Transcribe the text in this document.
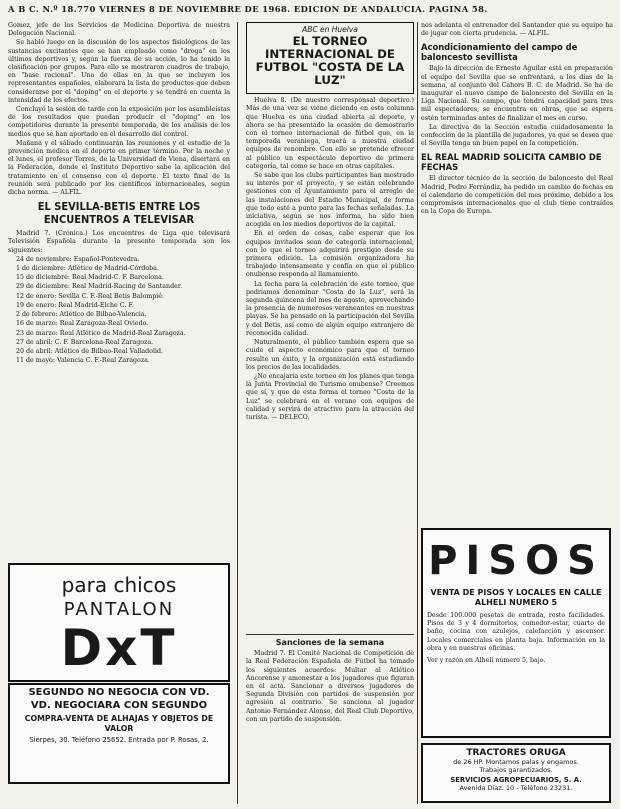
A B C. N.º 18.770 VIERNES 8 DE NOVIEMBRE DE 1968. EDICION DE ANDALUCIA. PAGINA 58.

Gomez, jefe de los Servicios de Medicina Deportiva de nuestra Delegación Nacional.

Se habló luego en la discusión de los aspectos fisiológicos de las sustancias excitantes que se han empleado como "droga" en los últimos deportivos y, según la fuerza de su acción, lo ha tenido la clasificación por grupos. Para ello se mostraron cuadros de trabajo, en "base racional". Una de ellas en la que se incluyen los representantes españoles, elaborará la lista de productos que deben considerarse por el "doping" en el deporte y se tendrá en cuenta la intensidad de los efectos.

Concluyó la sesión de tarde con la exposición por los asambleístas de los resultados que puedan producir el "doping" en los competidores durante la presente temporada, de los análisis de los medios que se han aportado en el desarrollo del control.

Mañana y el sábado continuarán las reuniones y el estudio de la prevención médica en el deporte en primer término. Por la noche y el lunes, el profesor Torres, de la Universidad de Viena, disertará en la Federación, donde el Instituto Deportivo sabe la aplicación del tratamiento en el consenso con el deporte. El texto final de la reunión será publicado por los científicos internacionales, según dicha norma. — ALFIL.

EL SEVILLA-BETIS ENTRE LOS ENCUENTROS A TELEVISAR

Madrid 7. (Crónica.) Los encuentros de Liga que televisará Televisión Española durante la presente temporada son los siguientes:

24 de noviembre: Español-Pontevedra.

1 de diciembre: Atlético de Madrid-Córdoba.

15 de diciembre: Real Madrid-C. F. Barcelona.

29 de diciembre: Real Madrid-Racing de Santander.

12 de enero: Sevilla C. F.-Real Betis Balompié.

19 de enero: Real Madrid-Elche C. F.

2 de febrero: Atlético de Bilbao-Valencia.

16 de marzo: Real Zaragoza-Real Oviedo.

23 de marzo: Real Atlético de Madrid-Real Zaragoza.

27 de abril: C. F. Barcelona-Real Zaragoza.

20 de abril: Atlético de Bilbao-Real Valladolid.

11 de mayo: Valencia C. F.-Real Zaragoza.

para chicos
PANTALON
DxT
SEGUNDO NO NEGOCIA CON VD.
VD. NEGOCIARA CON SEGUNDO
COMPRA-VENTA DE ALHAJAS Y OBJETOS DE VALOR
Sierpes, 30. Teléfono 25652. Entrada por P. Rosas, 2.
ABC en Huelva
EL TORNEO INTERNACIONAL DE FUTBOL "COSTA DE LA LUZ"

Huelva 8. (De nuestro corresponsal deportivo.) Más de una vez se viene diciendo en esta columna que Huelva es una ciudad abierta al deporte, y ahora se ha presentado la ocasión de demostrarlo con el torneo internacional de fútbol que, en la temporada veraniega, traerá a nuestra ciudad equipos de renombre. Con ello se pretende ofrecer al público un espectáculo deportivo de primera categoría, tal como se hace en otras capitales.

Se sabe que los clubs participantes han mostrado su interés por el proyecto, y se están celebrando gestiones con el Ayuntamiento para el arreglo de las instalaciones del Estadio Municipal, de forma que todo esté a punto para las fechas señaladas. La iniciativa, según se nos informa, ha sido bien acogida en los medios deportivos de la capital.

En el orden de cosas, cabe esperar que los equipos invitados sean de categoría internacional, con lo que el torneo adquirirá prestigio desde su primera edición. La comisión organizadora ha trabajado intensamente y confía en que el público onubense responda al llamamiento.

La fecha para la celebración de este torneo, que podríamos denominar "Costa de la Luz", será la segunda quincena del mes de agosto, aprovechando la presencia de numerosos veraneantes en nuestras playas. Se ha pensado en la participación del Sevilla y del Betis, así como de algún equipo extranjero de reconocida calidad.

Naturalmente, el público también espera que se cuide el aspecto económico para que el torneo resulte un éxito, y la organización está estudiando los precios de las localidades.

¿No encajaría este torneo en los planes que tenga la Junta Provincial de Turismo onubense? Creemos que sí, y que de esta forma el torneo "Costa de la Luz" se celebrará en el verano con equipos de calidad y servirá de atractivo para la atracción del turista. — DELECO.

Sanciones de la semana

Madrid 7. El Comité Nacional de Competición de la Real Federación Española de Fútbol ha tomado los siguientes acuerdos: Multar al Atlético Ancorense y amonestar a los jugadores que figuran en el acta. Sancionar a diversos jugadores de Segunda División con partidos de suspensión por agresión al contrario. Se sanciona al jugador Antonio Fernández Alonso, del Real Club Deportivo, con un partido de suspensión.

nos adelanta el entrenador del Santander que su equipo ha de jugar con cierta prudencia. — ALFIL.

Acondicionamiento del campo de baloncesto sevillista

Bajo la dirección de Ernesto Aguilar está en preparación el equipo del Sevilla que se enfrentará, a los días de la semana, al conjunto del Cahors B. C. de Madrid. Se ha de inaugurar el nuevo campo de baloncesto del Sevilla en la Liga Nacional. Su campo, que tendrá capacidad para tres mil espectadores, se encuentra en obras, que se espera estén terminadas antes de finalizar el mes en curso.

La directiva de la Sección estudia cuidadosamente la confección de la plantilla de jugadores, ya que se desea que el Sevilla tenga un buen papel en la competición.

EL REAL MADRID SOLICITA CAMBIO DE FECHAS

El director técnico de la sección de baloncesto del Real Madrid, Pedro Ferrándiz, ha pedido un cambio de fechas en el calendario de competición del mes próximo, debido a los compromisos internacionales que el club tiene contraídos en la Copa de Europa.

PISOS
VENTA DE PISOS Y LOCALES EN CALLE ALHELI NUMERO 5
Desde 100.000 pesetas de entrada, resto facilidades. Pisos de 3 y 4 dormitorios, comedor-estar, cuarto de baño, cocina con azulejos, calefacción y ascensor. Locales comerciales en planta baja. Información en la obra y en nuestras oficinas.
Ver y razón en Alhelí número 5, bajo.
TRACTORES ORUGA
de 26 HP. Montamos palas y engamos.
Trabajos garantizados.
SERVICIOS AGROPECUARIOS, S. A.
Avenida Díaz. 10 - Teléfono 23231.
